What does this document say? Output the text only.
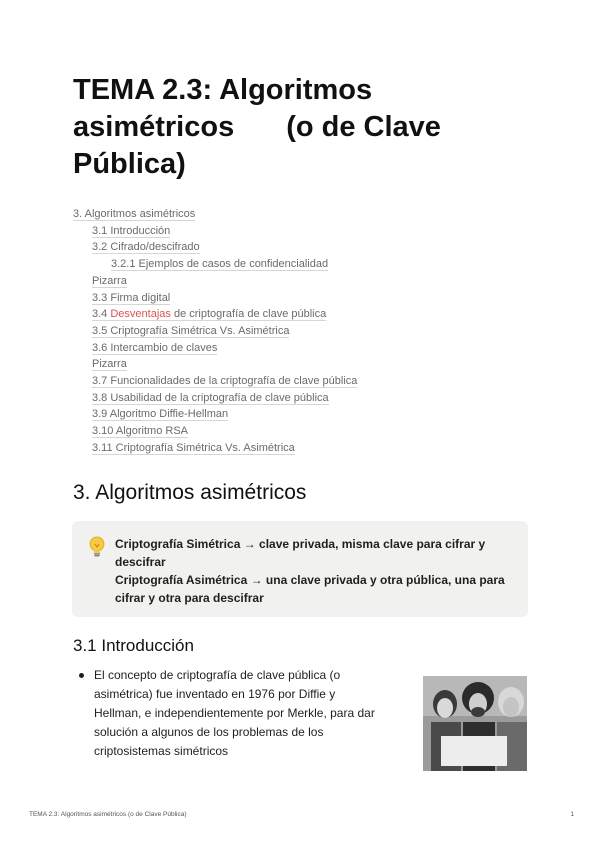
TEMA 2.3: Algoritmos
asimétricos (o de Clave
Pública)
3. Algoritmos asimétricos
3.1 Introducción
3.2 Cifrado/descifrado
3.2.1 Ejemplos de casos de confidencialidad
Pizarra
3.3 Firma digital
3.4 Desventajas de criptografía de clave pública
3.5 Criptografía Simétrica Vs. Asimétrica
3.6 Intercambio de claves
Pizarra
3.7 Funcionalidades de la criptografía de clave pública
3.8 Usabilidad de la criptografía de clave pública
3.9 Algoritmo Diffie-Hellman
3.10 Algoritmo RSA
3.11 Criptografía Simétrica Vs. Asimétrica
3. Algoritmos asimétricos
Criptografía Simétrica → clave privada, misma clave para cifrar y descifrar
Criptografía Asimétrica → una clave privada y otra pública, una para cifrar y otra para descifrar
3.1 Introducción
El concepto de criptografía de clave pública (o asimétrica) fue inventado en 1976 por Diffie y Hellman, e independientemente por Merkle, para dar solución a algunos de los problemas de los criptosistemas simétricos
TEMA 2.3: Algoritmos asimétricos (o de Clave Pública)	1
